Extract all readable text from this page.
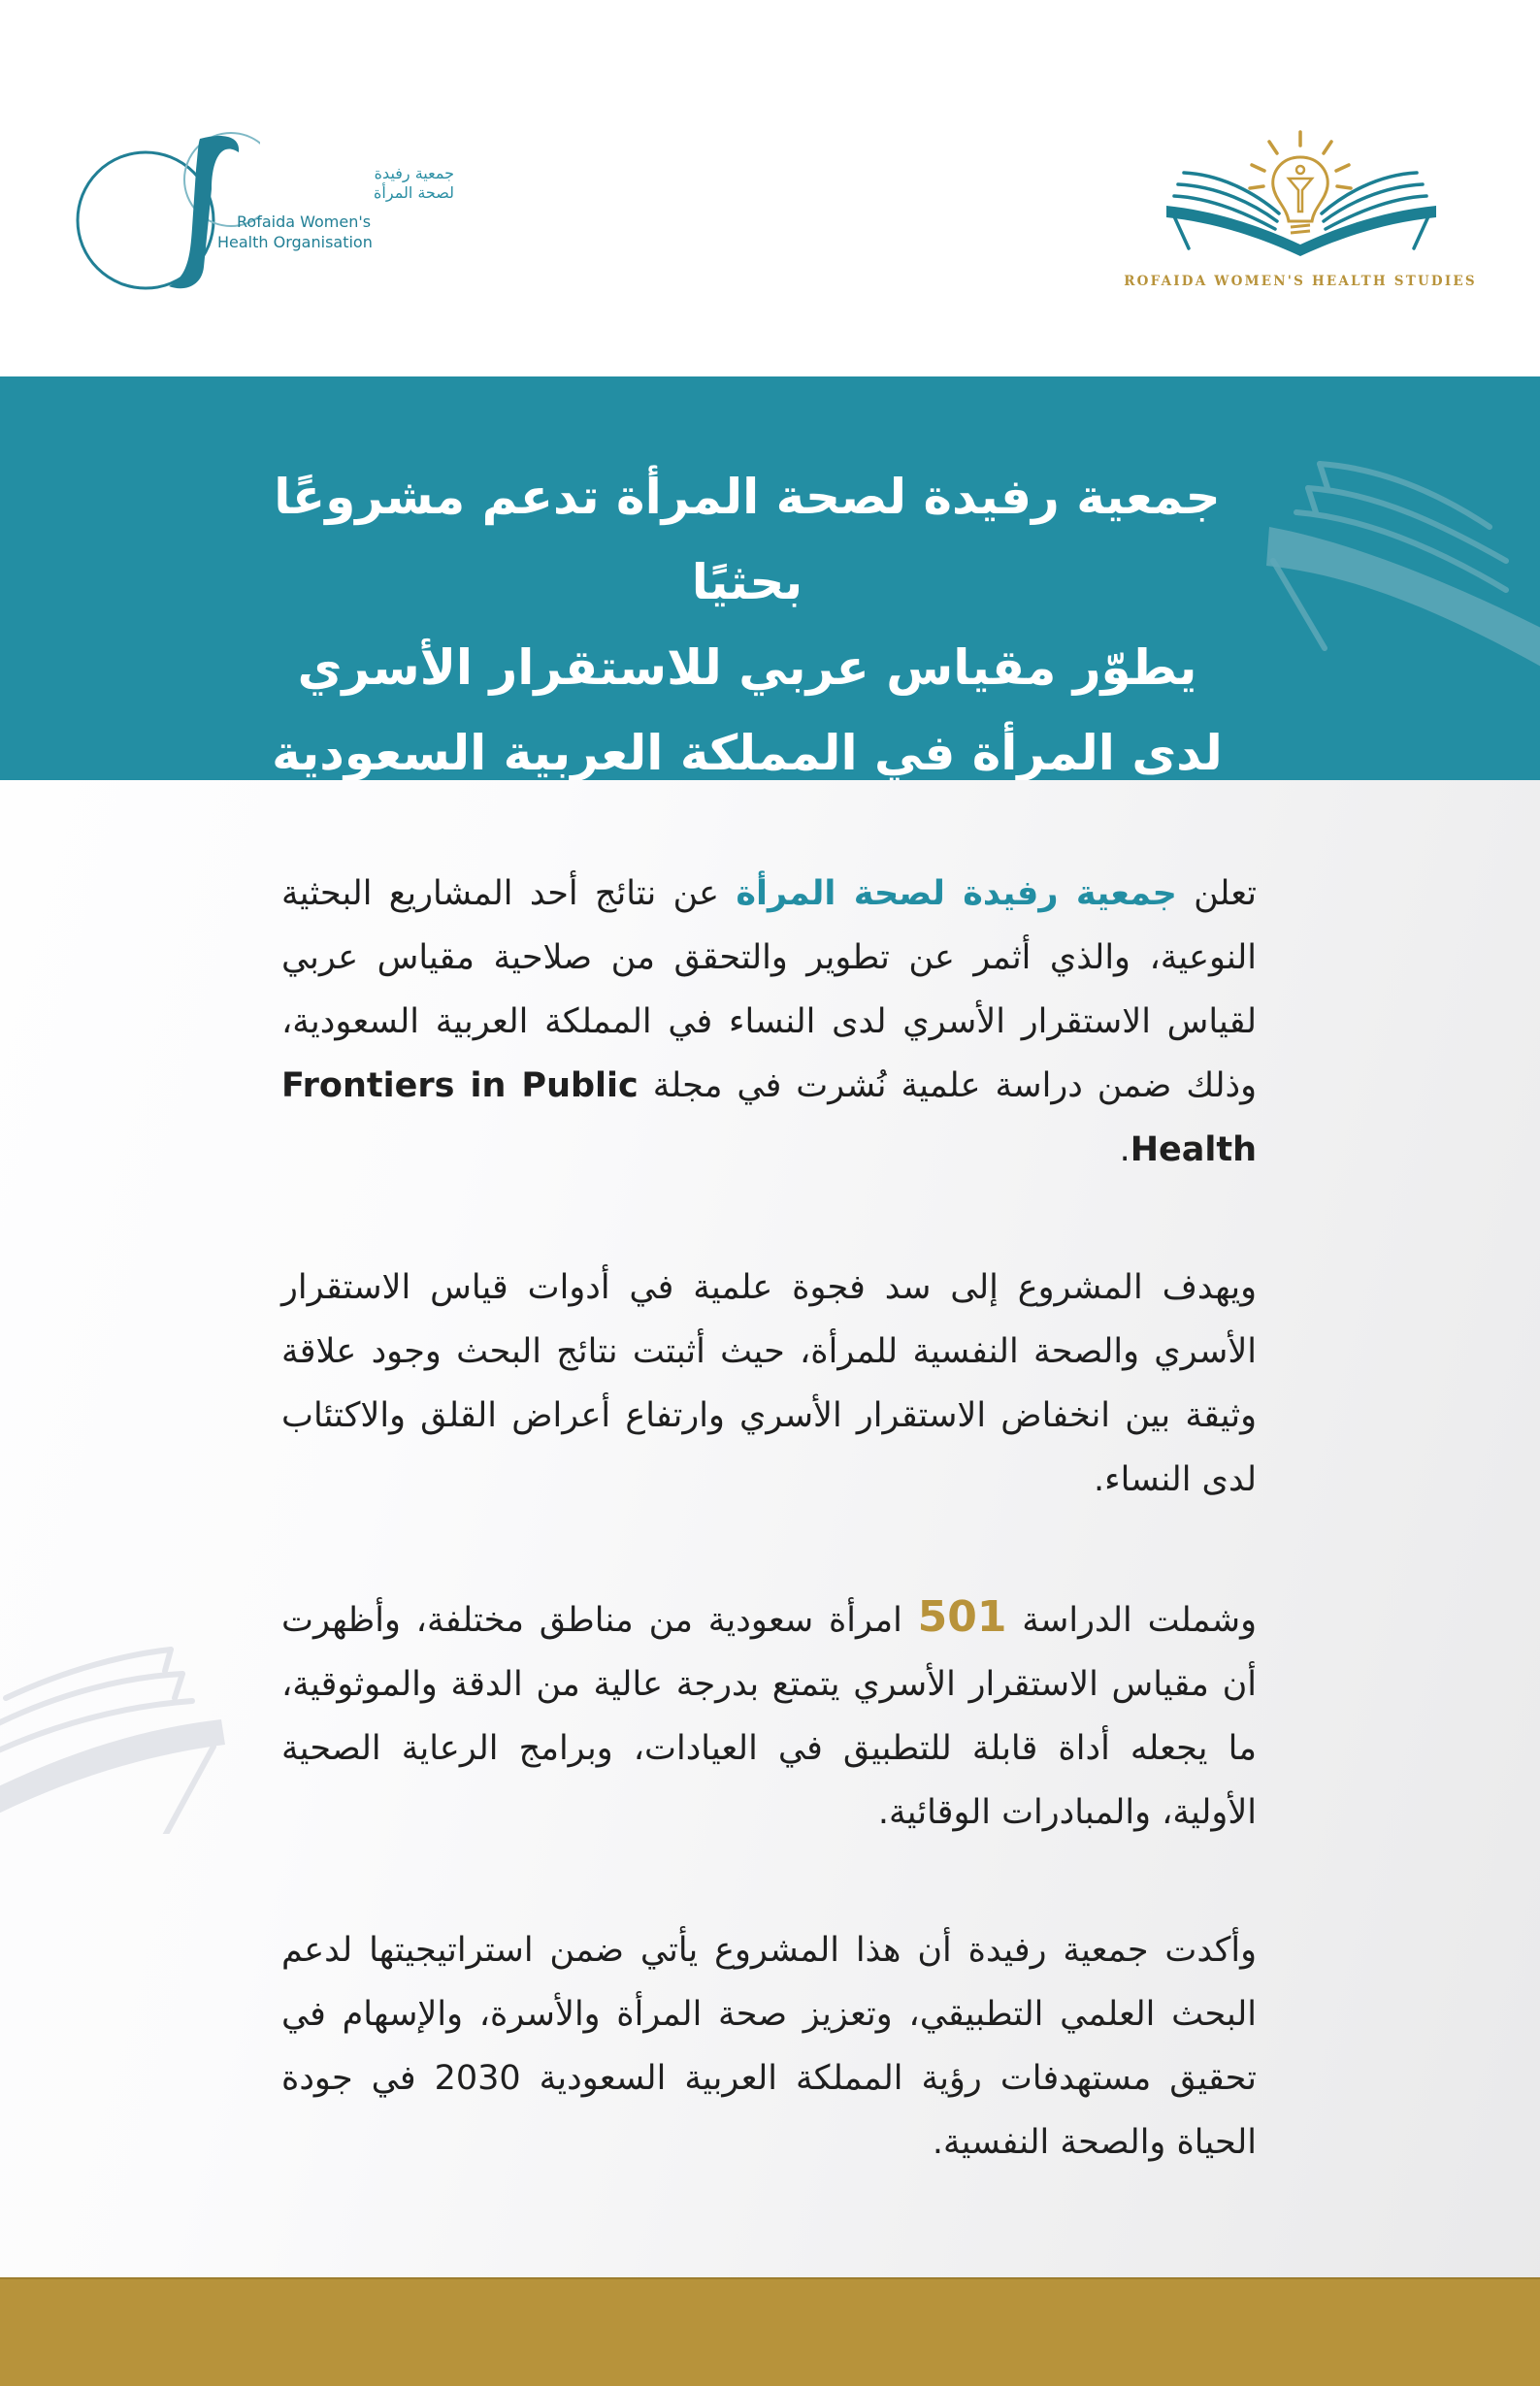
جمعية رفيدة
لصحة المرأة
Rofaida Women's
Health Organisation
ROFAIDA WOMEN'S HEALTH STUDIES
جمعية رفيدة لصحة المرأة تدعم مشروعًا بحثيًا
يطوّر مقياس عربي للاستقرار الأسري
لدى المرأة في المملكة العربية السعودية

تعلن جمعية رفيدة لصحة المرأة عن نتائج أحد المشاريع البحثية النوعية، والذي أثمر عن تطوير والتحقق من صلاحية مقياس عربي لقياس الاستقرار الأسري لدى النساء في المملكة العربية السعودية، وذلك ضمن دراسة علمية نُشرت في مجلة Frontiers in Public Health.

ويهدف المشروع إلى سد فجوة علمية في أدوات قياس الاستقرار الأسري والصحة النفسية للمرأة، حيث أثبتت نتائج البحث وجود علاقة وثيقة بين انخفاض الاستقرار الأسري وارتفاع أعراض القلق والاكتئاب لدى النساء.

وشملت الدراسة 501 امرأة سعودية من مناطق مختلفة، وأظهرت أن مقياس الاستقرار الأسري يتمتع بدرجة عالية من الدقة والموثوقية، ما يجعله أداة قابلة للتطبيق في العيادات، وبرامج الرعاية الصحية الأولية، والمبادرات الوقائية.

وأكدت جمعية رفيدة أن هذا المشروع يأتي ضمن استراتيجيتها لدعم البحث العلمي التطبيقي، وتعزيز صحة المرأة والأسرة، والإسهام في تحقيق مستهدفات رؤية المملكة العربية السعودية 2030 في جودة الحياة والصحة النفسية.
